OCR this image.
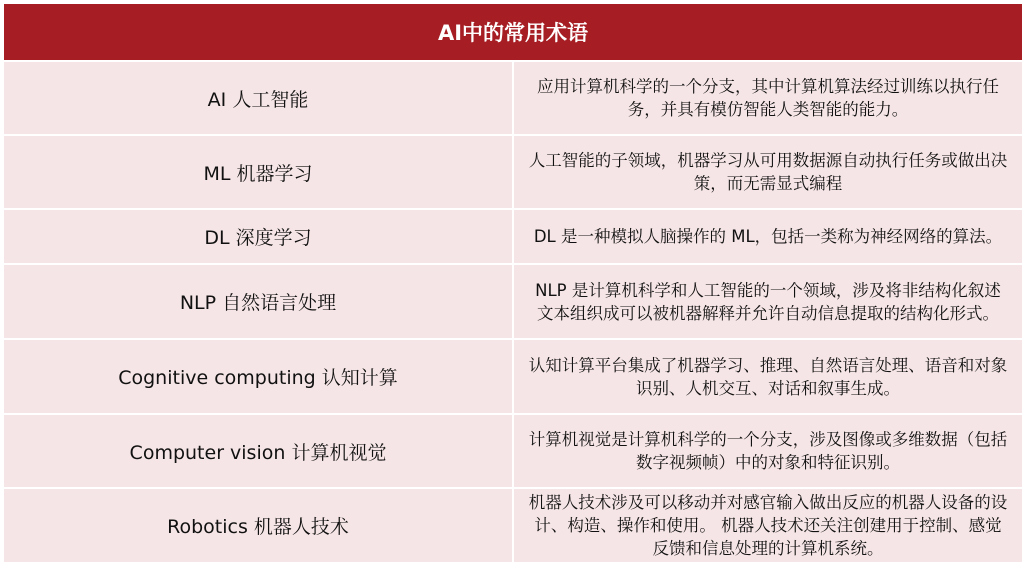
AI中的常用术语	
AI 人工智能	应用计算机科学的一个分支，其中计算机算法经过训练以执行任务，并具有模仿智能人类智能的能力。

ML 机器学习	人工智能的子领域，机器学习从可用数据源自动执行任务或做出决策，而无需显式编程

DL 深度学习	DL 是一种模拟人脑操作的 ML，包括一类称为神经网络的算法。

NLP 自然语言处理	NLP 是计算机科学和人工智能的一个领域，涉及将非结构化叙述文本组织成可以被机器解释并允许自动信息提取的结构化形式。

Cognitive computing 认知计算	认知计算平台集成了机器学习、推理、自然语言处理、语音和对象识别、人机交互、对话和叙事生成。

Computer vision 计算机视觉	计算机视觉是计算机科学的一个分支，涉及图像或多维数据（包括数字视频帧）中的对象和特征识别。

Robotics 机器人技术	机器人技术涉及可以移动并对感官输入做出反应的机器人设备的设计、构造、操作和使用。 机器人技术还关注创建用于控制、感觉反馈和信息处理的计算机系统。
